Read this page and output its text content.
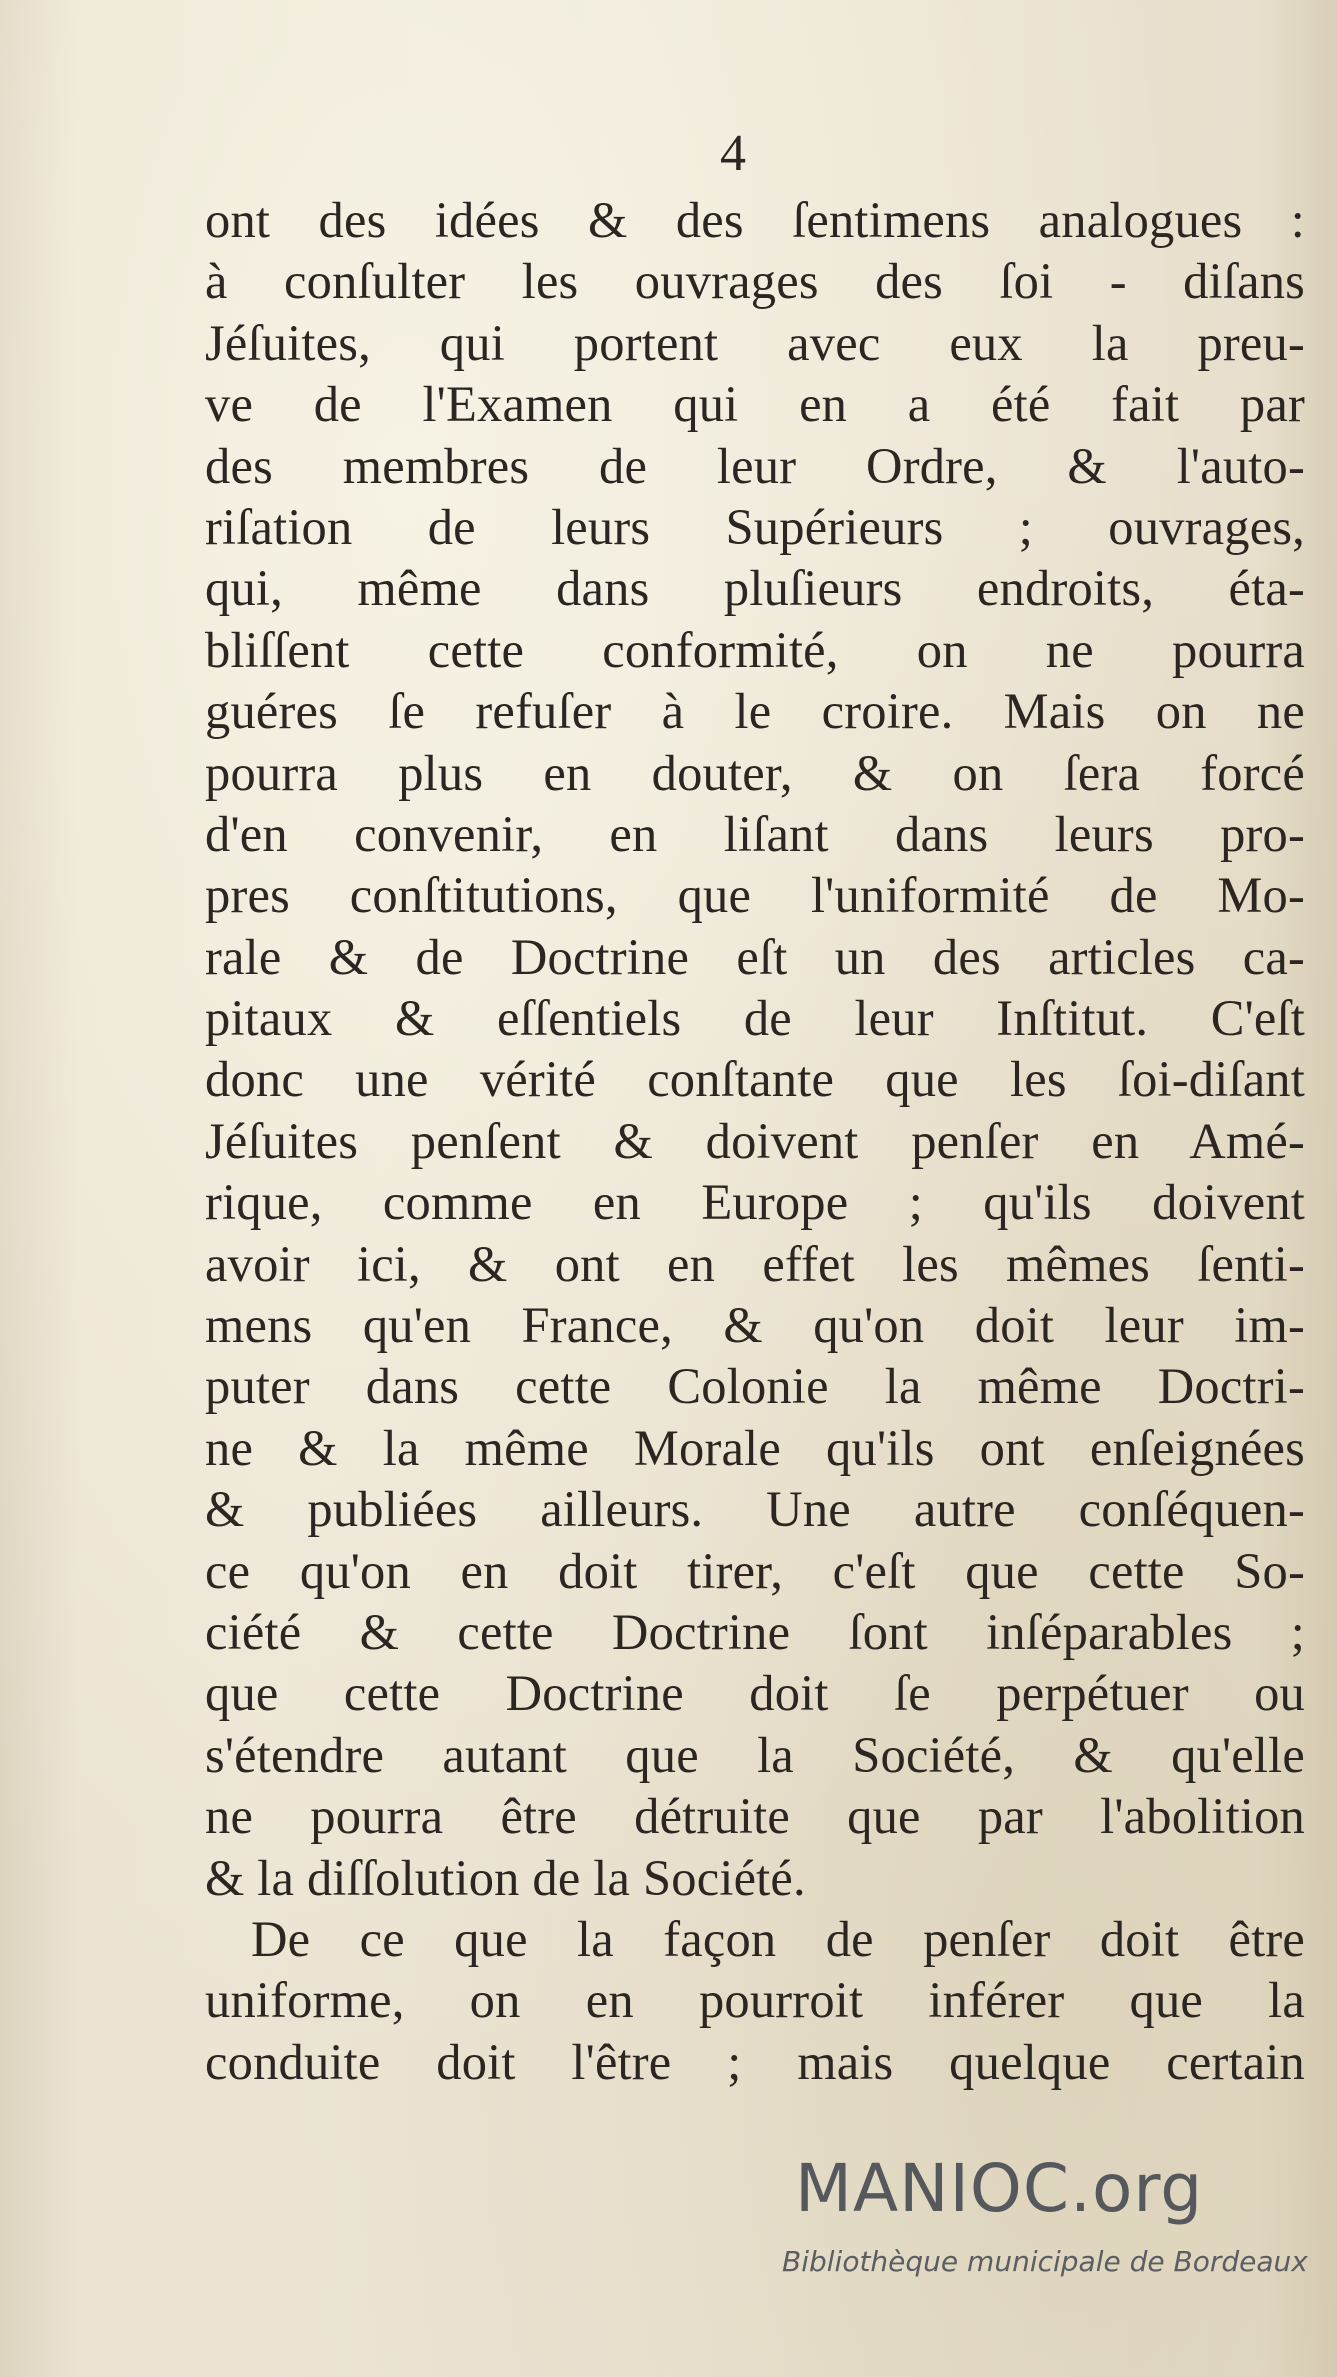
4
ont des idées & des ſentimens analogues :
à conſulter les ouvrages des ſoi - diſans
Jéſuites, qui portent avec eux la preu-
ve de l'Examen qui en a été fait par
des membres de leur Ordre, & l'auto-
riſation de leurs Supérieurs ; ouvrages,
qui, même dans pluſieurs endroits, éta-
bliſſent cette conformité, on ne pourra
guéres ſe refuſer à le croire. Mais on ne
pourra plus en douter, & on ſera forcé
d'en convenir, en liſant dans leurs pro-
pres conſtitutions, que l'uniformité de Mo-
rale & de Doctrine eſt un des articles ca-
pitaux & eſſentiels de leur Inſtitut. C'eſt
donc une vérité conſtante que les ſoi-diſant
Jéſuites penſent & doivent penſer en Amé-
rique, comme en Europe ; qu'ils doivent
avoir ici, & ont en effet les mêmes ſenti-
mens qu'en France, & qu'on doit leur im-
puter dans cette Colonie la même Doctri-
ne & la même Morale qu'ils ont enſeignées
& publiées ailleurs. Une autre conſéquen-
ce qu'on en doit tirer, c'eſt que cette So-
ciété & cette Doctrine ſont inſéparables ;
que cette Doctrine doit ſe perpétuer ou
s'étendre autant que la Société, & qu'elle
ne pourra être détruite que par l'abolition
& la diſſolution de la Société.
De ce que la façon de penſer doit être
uniforme, on en pourroit inférer que la
conduite doit l'être ; mais quelque certain
MANIOC.org
Bibliothèque municipale de Bordeaux
